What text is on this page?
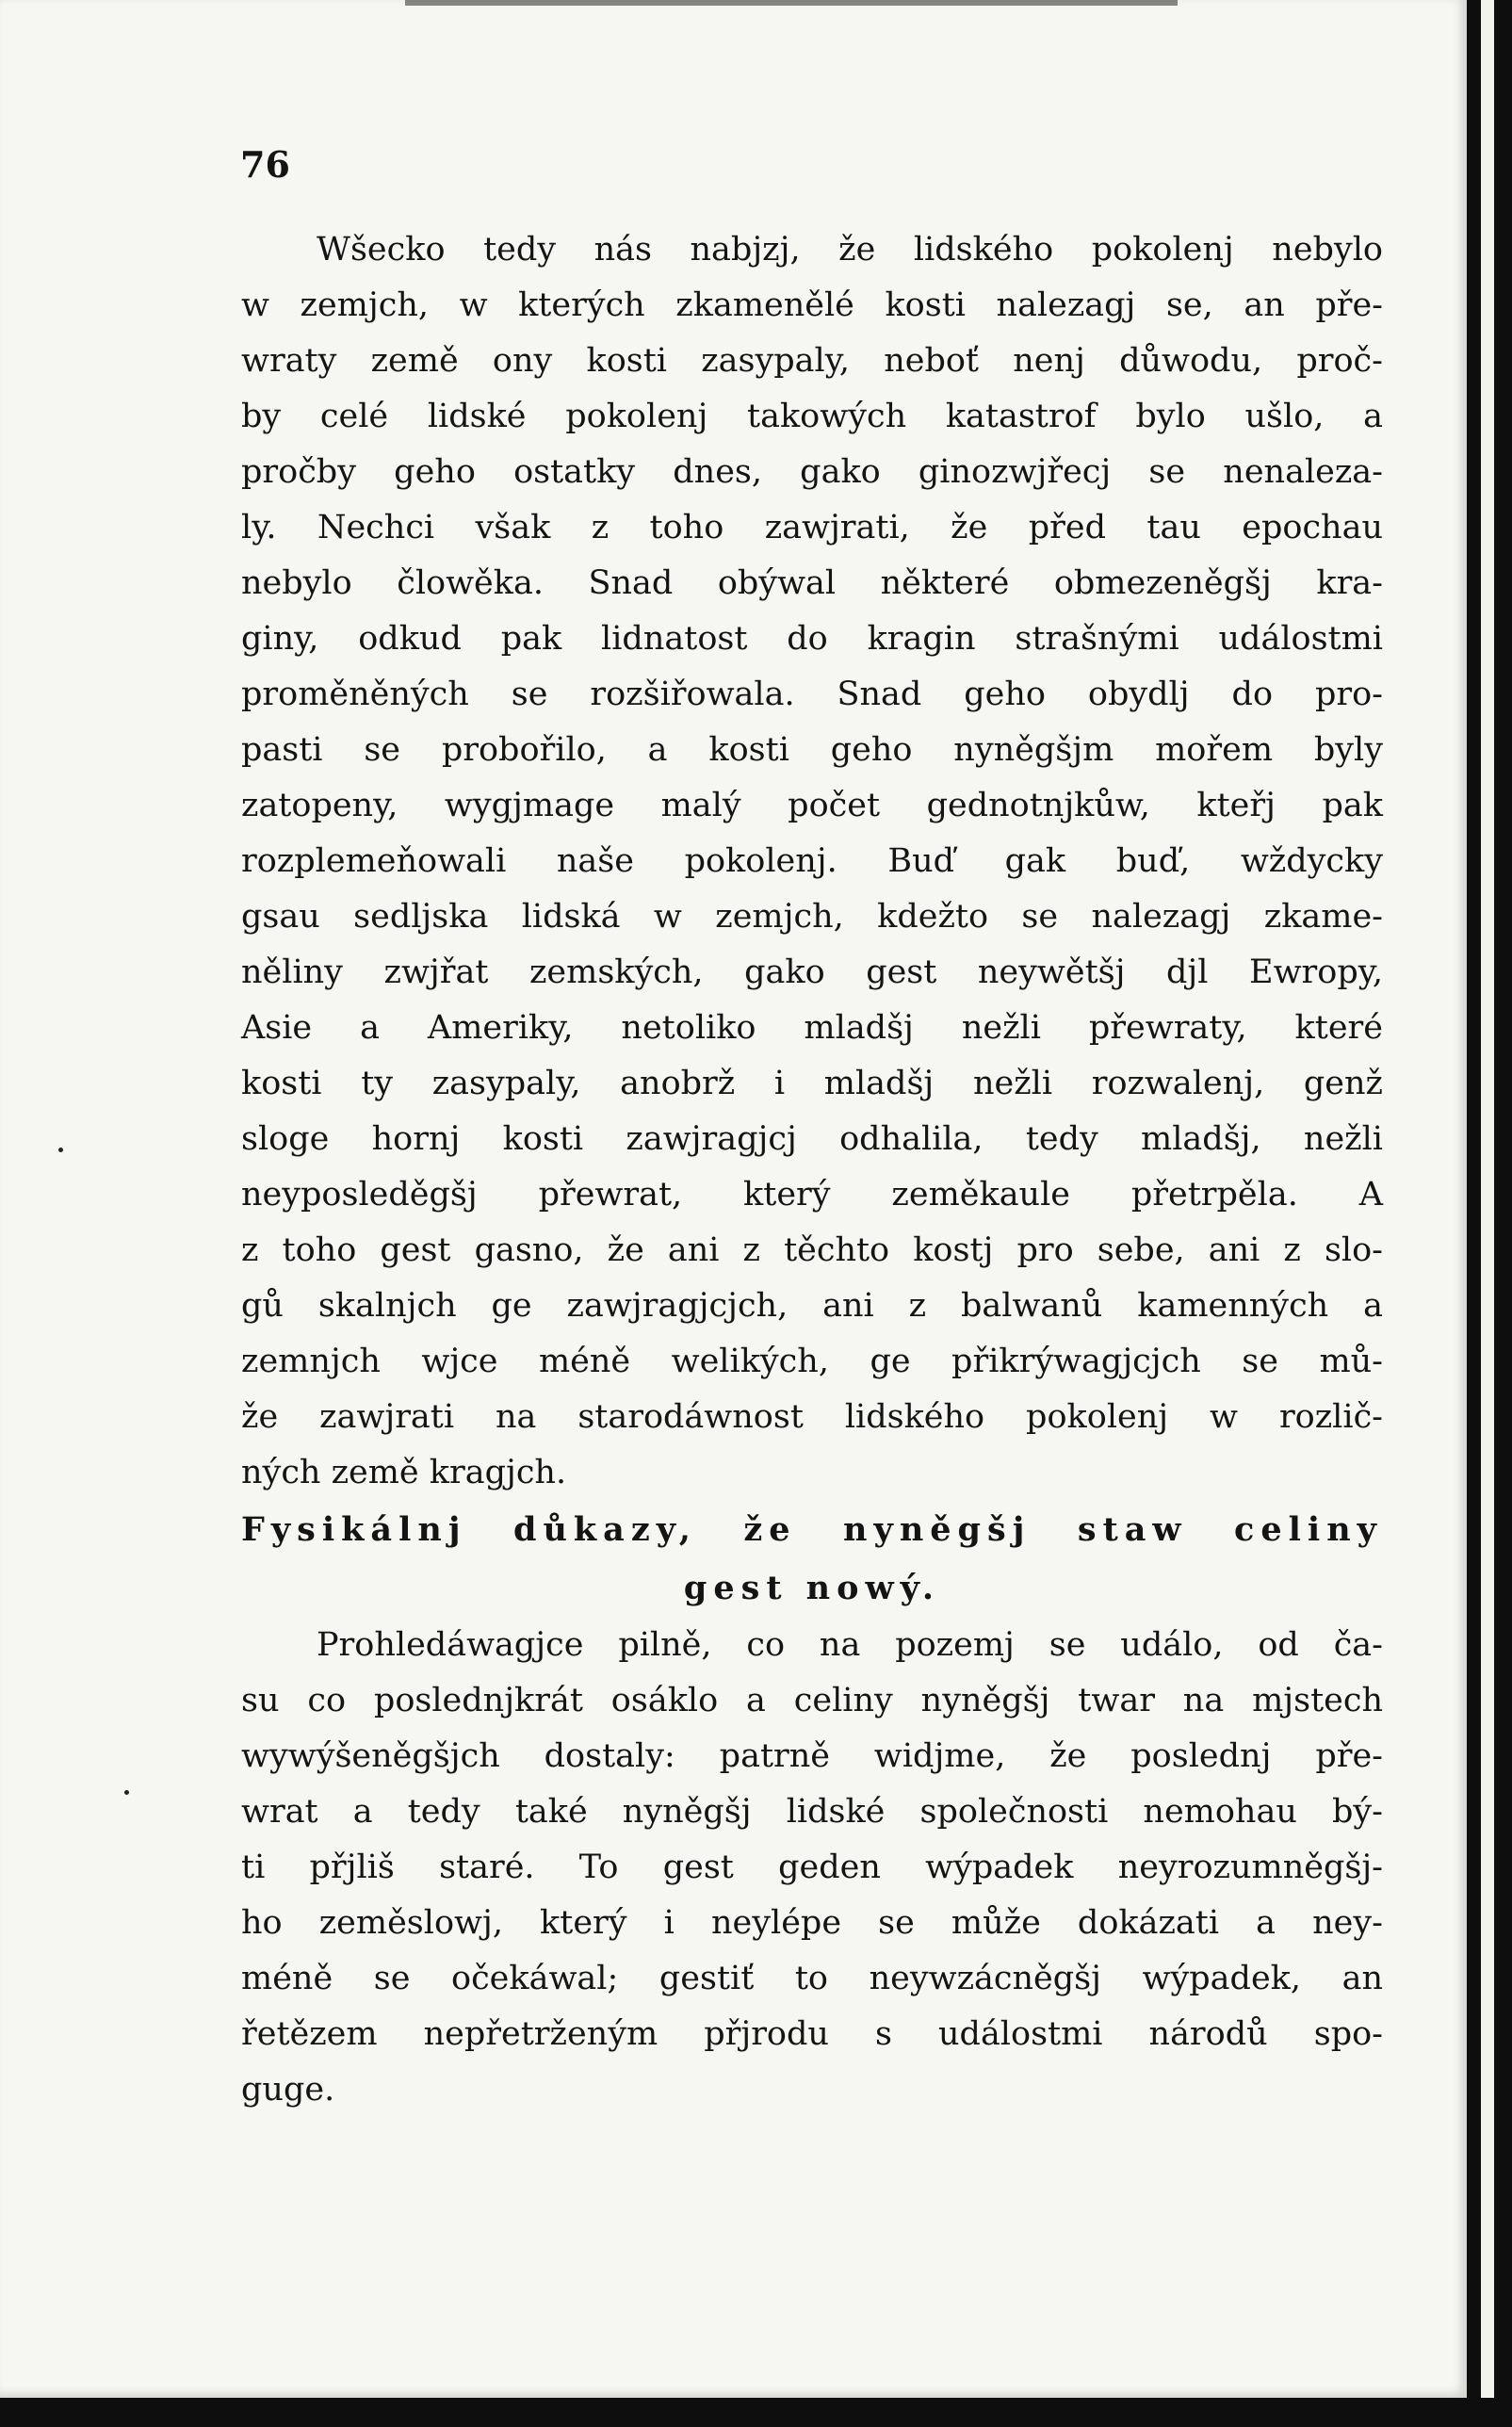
76
Wšecko tedy nás nabjzj, že lidského pokolenj nebylo
w zemjch, w kterých zkamenělé kosti nalezagj se, an pře-
wraty země ony kosti zasypaly, neboť nenj důwodu, proč-
by celé lidské pokolenj takowých katastrof bylo ušlo, a
pročby geho ostatky dnes, gako ginozwjřecj se nenaleza-
ly. Nechci však z toho zawjrati, že před tau epochau
nebylo člowěka. Snad obýwal některé obmezeněgšj kra-
giny, odkud pak lidnatost do kragin strašnými událostmi
proměněných se rozšiřowala. Snad geho obydlj do pro-
pasti se probořilo, a kosti geho nyněgšjm mořem byly
zatopeny, wygjmage malý počet gednotnjkůw, kteřj pak
rozplemeňowali naše pokolenj. Buď gak buď, wždycky
gsau sedljska lidská w zemjch, kdežto se nalezagj zkame-
něliny zwjřat zemských, gako gest neywětšj djl Ewropy,
Asie a Ameriky, netoliko mladšj nežli přewraty, které
kosti ty zasypaly, anobrž i mladšj nežli rozwalenj, genž
sloge hornj kosti zawjragjcj odhalila, tedy mladšj, nežli
neyposleděgšj přewrat, který zeměkaule přetrpěla. A
z toho gest gasno, že ani z těchto kostj pro sebe, ani z slo-
gů skalnjch ge zawjragjcjch, ani z balwanů kamenných a
zemnjch wjce méně welikých, ge přikrýwagjcjch se mů-
že zawjrati na starodáwnost lidského pokolenj w rozlič-
ných země kragjch.
Fysikálnj důkazy, že nyněgšj staw celiny
gest nowý.
Prohledáwagjce pilně, co na pozemj se událo, od ča-
su co poslednjkrát osáklo a celiny nyněgšj twar na mjstech
wywýšeněgšjch dostaly: patrně widjme, že poslednj pře-
wrat a tedy také nyněgšj lidské společnosti nemohau bý-
ti přjliš staré. To gest geden wýpadek neyrozumněgšj-
ho zeměslowj, který i neylépe se může dokázati a ney-
méně se očekáwal; gestiť to neywzácněgšj wýpadek, an
řetězem nepřetrženým přjrodu s událostmi národů spo-
guge.
